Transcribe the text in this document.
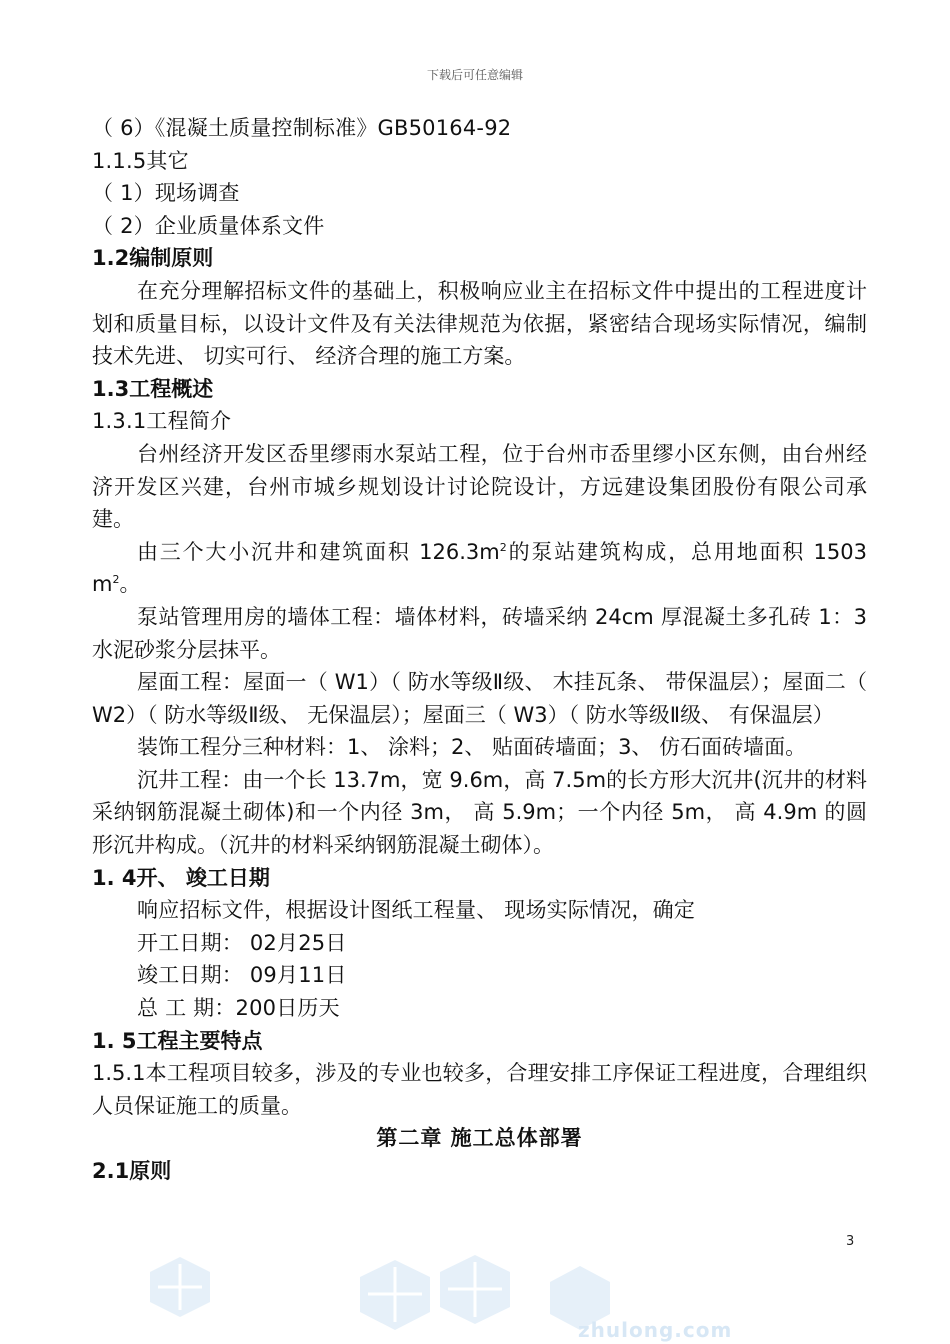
下载后可任意编辑
（ 6）《混凝土质量控制标准》GB50164-92
1.1.5其它
（ 1）现场调查
（ 2）企业质量体系文件
1.2编制原则
在充分理解招标文件的基础上，积极响应业主在招标文件中提出的工程进度计划和质量目标，以设计文件及有关法律规范为依据，紧密结合现场实际情况，编制技术先进、 切实可行、 经济合理的施工方案。
1.3工程概述
1.3.1工程简介
台州经济开发区岙里缪雨水泵站工程，位于台州市岙里缪小区东侧，由台州经济开发区兴建，台州市城乡规划设计讨论院设计，方远建设集团股份有限公司承建。
由三个大小沉井和建筑面积 $126.3m^2$的泵站建筑构成，总用地面积 1503 $m^2$。
泵站管理用房的墙体工程：墙体材料，砖墙采纳 24cm 厚混凝土多孔砖 1：3水泥砂浆分层抹平。
屋面工程：屋面一（ W1）（ 防水等级Ⅱ级、 木挂瓦条、 带保温层）；屋面二（ W2）（ 防水等级Ⅱ级、 无保温层）；屋面三（ W3）（ 防水等级Ⅱ级、 有保温层）
装饰工程分三种材料：1、 涂料；2、 贴面砖墙面；3、 仿石面砖墙面。
沉井工程：由一个长 13.7m，宽 9.6m，高 7.5m的长方形大沉井(沉井的材料采纳钢筋混凝土砌体)和一个内径 3m， 高 5.9m；一个内径 5m， 高 4.9m 的圆形沉井构成。（沉井的材料采纳钢筋混凝土砌体）。
1. 4开、 竣工日期
响应招标文件，根据设计图纸工程量、 现场实际情况，确定
开工日期： 02月25日
竣工日期： 09月11日
总 工 期：200日历天
1. 5工程主要特点
1.5.1本工程项目较多，涉及的专业也较多，合理安排工序保证工程进度，合理组织人员保证施工的质量。
第二章 施工总体部署
2.1原则
3
zhulong.com
